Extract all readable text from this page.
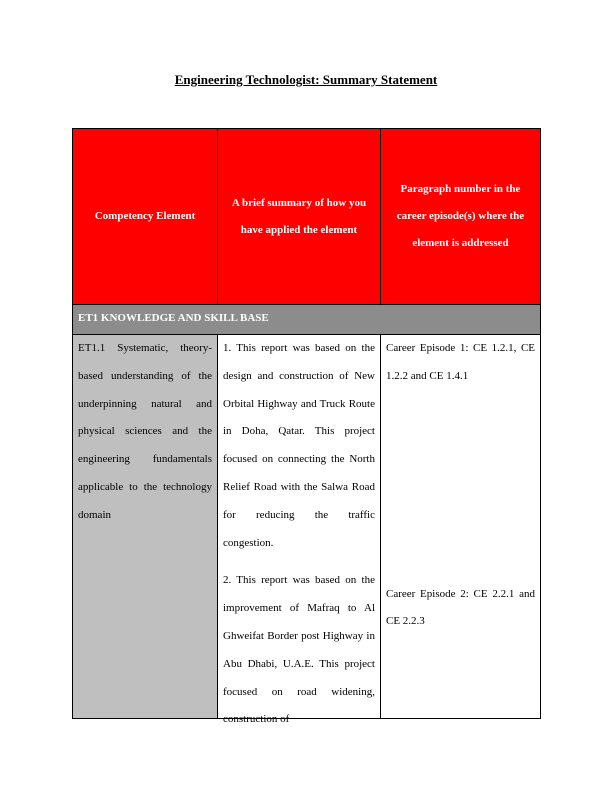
Engineering Technologist: Summary Statement
Competency Element
A brief summary of how you have applied the element
Paragraph number in the career episode(s) where the element is addressed
ET1 KNOWLEDGE AND SKILL BASE

ET1.1 Systematic, theory-based understanding of the underpinning natural and physical sciences and the engineering fundamentals applicable to the technology domain

1. This report was based on the design and construction of New Orbital Highway and Truck Route in Doha, Qatar. This project focused on connecting the North Relief Road with the Salwa Road for reducing the traffic congestion.

2. This report was based on the improvement of Mafraq to Al Ghweifat Border post Highway in Abu Dhabi, U.A.E. This project focused on road widening, construction of

Career Episode 1: CE 1.2.1, CE 1.2.2 and CE 1.4.1

Career Episode 2: CE 2.2.1 and CE 2.2.3
